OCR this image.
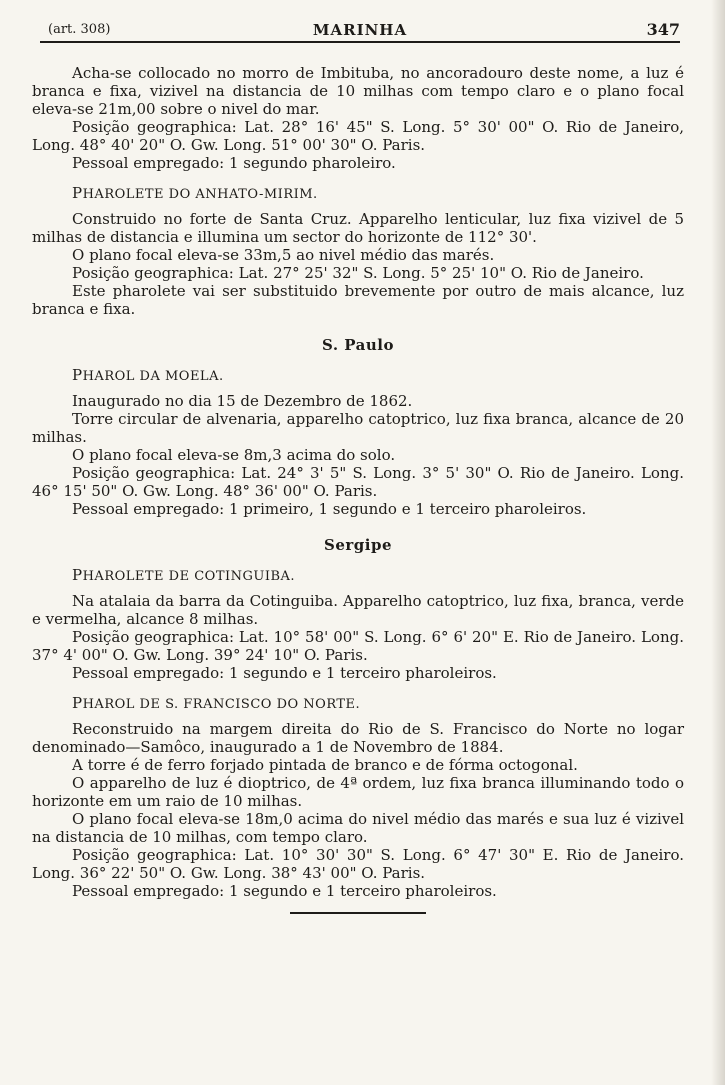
(art. 308)	MARINHA	347

Acha-se collocado no morro de Imbituba, no ancoradouro deste nome, a luz é branca e fixa, vizivel na distancia de 10 milhas com tempo claro e o plano focal eleva-se 21m,00 sobre o nivel do mar.

Posição geographica: Lat. 28° 16' 45" S. Long. 5° 30' 00" O. Rio de Janeiro, Long. 48° 40' 20" O. Gw. Long. 51° 00' 30" O. Paris.

Pessoal empregado: 1 segundo pharoleiro.

PHAROLETE DO ANHATO-MIRIM.

Construido no forte de Santa Cruz. Apparelho lenticular, luz fixa vizivel de 5 milhas de distancia e illumina um sector do horizonte de 112° 30'.

O plano focal eleva-se 33m,5 ao nivel médio das marés.

Posição geographica: Lat. 27° 25' 32" S. Long. 5° 25' 10" O. Rio de Janeiro.

Este pharolete vai ser substituido brevemente por outro de mais alcance, luz branca e fixa.

S. Paulo

PHAROL DA MOELA.

Inaugurado no dia 15 de Dezembro de 1862.

Torre circular de alvenaria, apparelho catoptrico, luz fixa branca, alcance de 20 milhas.

O plano focal eleva-se 8m,3 acima do solo.

Posição geographica: Lat. 24° 3' 5" S. Long. 3° 5' 30" O. Rio de Janeiro. Long. 46° 15' 50" O. Gw. Long. 48° 36' 00" O. Paris.

Pessoal empregado: 1 primeiro, 1 segundo e 1 terceiro pharoleiros.

Sergipe

PHAROLETE DE COTINGUIBA.

Na atalaia da barra da Cotinguiba. Apparelho catoptrico, luz fixa, branca, verde e vermelha, alcance 8 milhas.

Posição geographica: Lat. 10° 58' 00" S. Long. 6° 6' 20" E. Rio de Janeiro. Long. 37° 4' 00" O. Gw. Long. 39° 24' 10" O. Paris.

Pessoal empregado: 1 segundo e 1 terceiro pharoleiros.

PHAROL DE S. FRANCISCO DO NORTE.

Reconstruido na margem direita do Rio de S. Francisco do Norte no logar denominado—Samôco, inaugurado a 1 de Novembro de 1884.

A torre é de ferro forjado pintada de branco e de fórma octogonal.

O apparelho de luz é dioptrico, de 4ª ordem, luz fixa branca illuminando todo o horizonte em um raio de 10 milhas.

O plano focal eleva-se 18m,0 acima do nivel médio das marés e sua luz é vizivel na distancia de 10 milhas, com tempo claro.

Posição geographica: Lat. 10° 30' 30" S. Long. 6° 47' 30" E. Rio de Janeiro. Long. 36° 22' 50" O. Gw. Long. 38° 43' 00" O. Paris.

Pessoal empregado: 1 segundo e 1 terceiro pharoleiros.
